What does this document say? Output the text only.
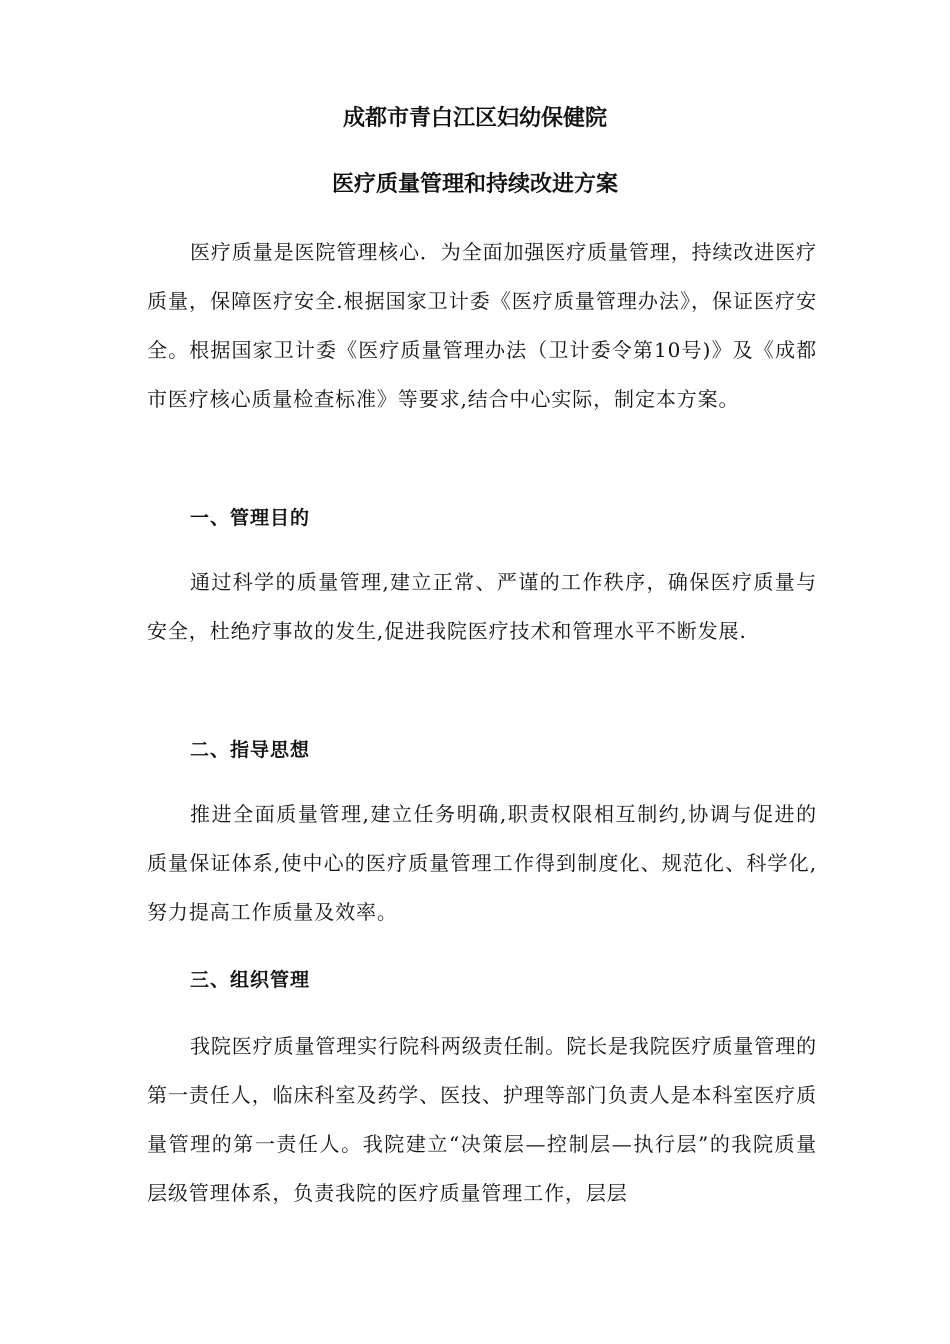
成都市青白江区妇幼保健院
医疗质量管理和持续改进方案
医疗质量是医院管理核心．为全面加强医疗质量管理，持续改进医疗质量，保障医疗安全.根据国家卫计委《医疗质量管理办法》，保证医疗安全。根据国家卫计委《医疗质量管理办法（卫计委令第10号)》及《成都市医疗核心质量检查标准》等要求,结合中心实际，制定本方案。
一、管理目的
通过科学的质量管理,建立正常、严谨的工作秩序，确保医疗质量与安全，杜绝疗事故的发生,促进我院医疗技术和管理水平不断发展.
二、指导思想
推进全面质量管理,建立任务明确,职责权限相互制约,协调与促进的质量保证体系,使中心的医疗质量管理工作得到制度化、规范化、科学化,努力提高工作质量及效率。
三、组织管理
我院医疗质量管理实行院科两级责任制。院长是我院医疗质量管理的第一责任人，临床科室及药学、医技、护理等部门负责人是本科室医疗质量管理的第一责任人。我院建立“决策层—控制层—执行层”的我院质量层级管理体系，负责我院的医疗质量管理工作，层层
